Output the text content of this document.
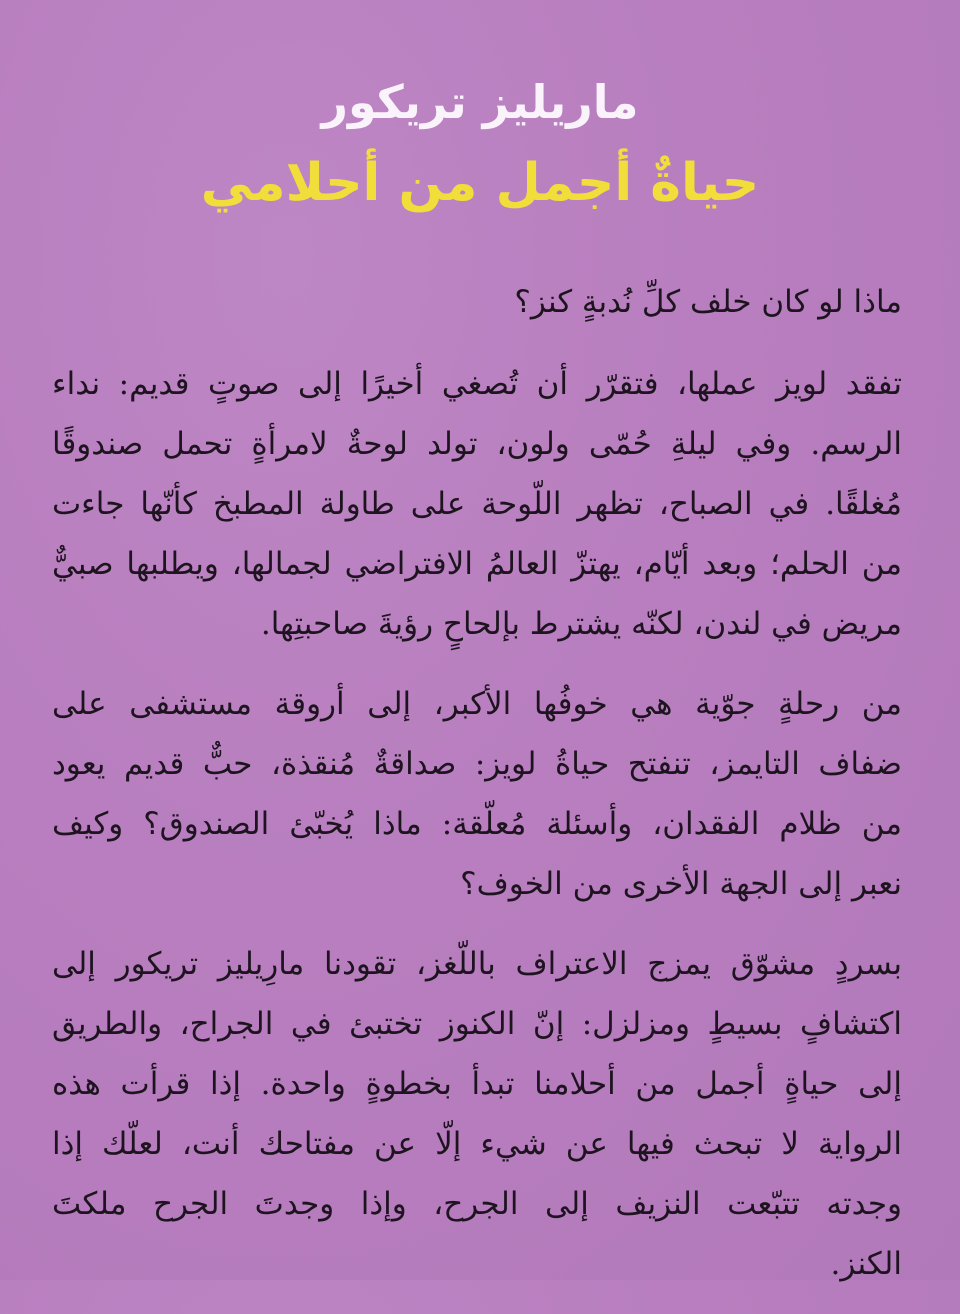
ماريليز تريكور
حياةٌ أجمل من أحلامي

ماذا لو كان خلف كلِّ نُدبةٍ كنز؟

تفقد لويز عملها، فتقرّر أن تُصغي أخيرًا إلى صوتٍ قديم: نداء
الرسم. وفي ليلةِ حُمّى ولون، تولد لوحةٌ لامرأةٍ تحمل صندوقًا
مُغلقًا. في الصباح، تظهر اللّوحة على طاولة المطبخ كأنّها جاءت
من الحلم؛ وبعد أيّام، يهتزّ العالمُ الافتراضي لجمالها، ويطلبها صبيٌّ
مريض في لندن، لكنّه يشترط بإلحاحٍ رؤيةَ صاحبتِها.

من رحلةٍ جوّية هي خوفُها الأكبر، إلى أروقة مستشفى على
ضفاف التايمز، تنفتح حياةُ لويز: صداقةٌ مُنقذة، حبٌّ قديم يعود
من ظلام الفقدان، وأسئلة مُعلّقة: ماذا يُخبّئ الصندوق؟ وكيف
نعبر إلى الجهة الأخرى من الخوف؟

بسردٍ مشوّق يمزج الاعتراف باللّغز، تقودنا مارِيليز تريكور إلى
اكتشافٍ بسيطٍ ومزلزل: إنّ الكنوز تختبئ في الجراح، والطريق
إلى حياةٍ أجمل من أحلامنا تبدأ بخطوةٍ واحدة. إذا قرأت هذه
الرواية لا تبحث فيها عن شيء إلّا عن مفتاحك أنت، لعلّك إذا
وجدته تتبّعت النزيف إلى الجرح، وإذا وجدتَ الجرح ملكتَ
الكنز.
